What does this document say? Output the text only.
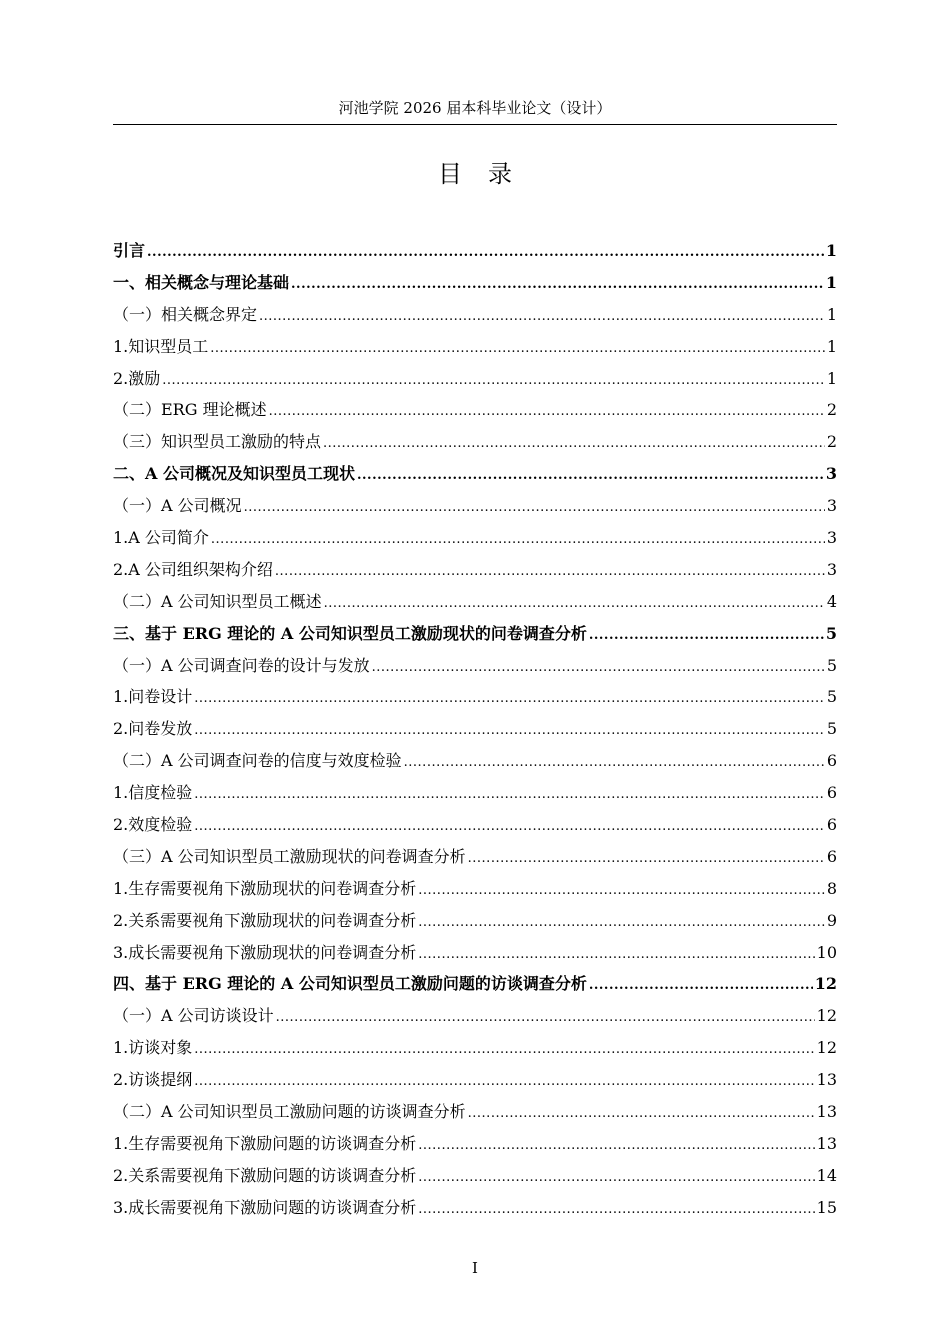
河池学院 2026 届本科毕业论文（设计）
目录
引言 .....	1
一、相关概念与理论基础 .....	1
（一）相关概念界定 .....	1
1.知识型员工 .....	1
2.激励 .....	1
（二）ERG 理论概述 .....	2
（三）知识型员工激励的特点 .....	2
二、A 公司概况及知识型员工现状 .....	3
（一）A 公司概况 .....	3
1.A 公司简介 .....	3
2.A 公司组织架构介绍 .....	3
（二）A 公司知识型员工概述 .....	4
三、基于 ERG 理论的 A 公司知识型员工激励现状的问卷调查分析 .....	5
（一）A 公司调查问卷的设计与发放 .....	5
1.问卷设计 .....	5
2.问卷发放 .....	5
（二）A 公司调查问卷的信度与效度检验 .....	6
1.信度检验 .....	6
2.效度检验 .....	6
（三）A 公司知识型员工激励现状的问卷调查分析 .....	6
1.生存需要视角下激励现状的问卷调查分析 .....	8
2.关系需要视角下激励现状的问卷调查分析 .....	9
3.成长需要视角下激励现状的问卷调查分析 .....	10
四、基于 ERG 理论的 A 公司知识型员工激励问题的访谈调查分析 .....	12
（一）A 公司访谈设计 .....	12
1.访谈对象 .....	12
2.访谈提纲 .....	13
（二）A 公司知识型员工激励问题的访谈调查分析 .....	13
1.生存需要视角下激励问题的访谈调查分析 .....	13
2.关系需要视角下激励问题的访谈调查分析 .....	14
3.成长需要视角下激励问题的访谈调查分析 .....	15
I
